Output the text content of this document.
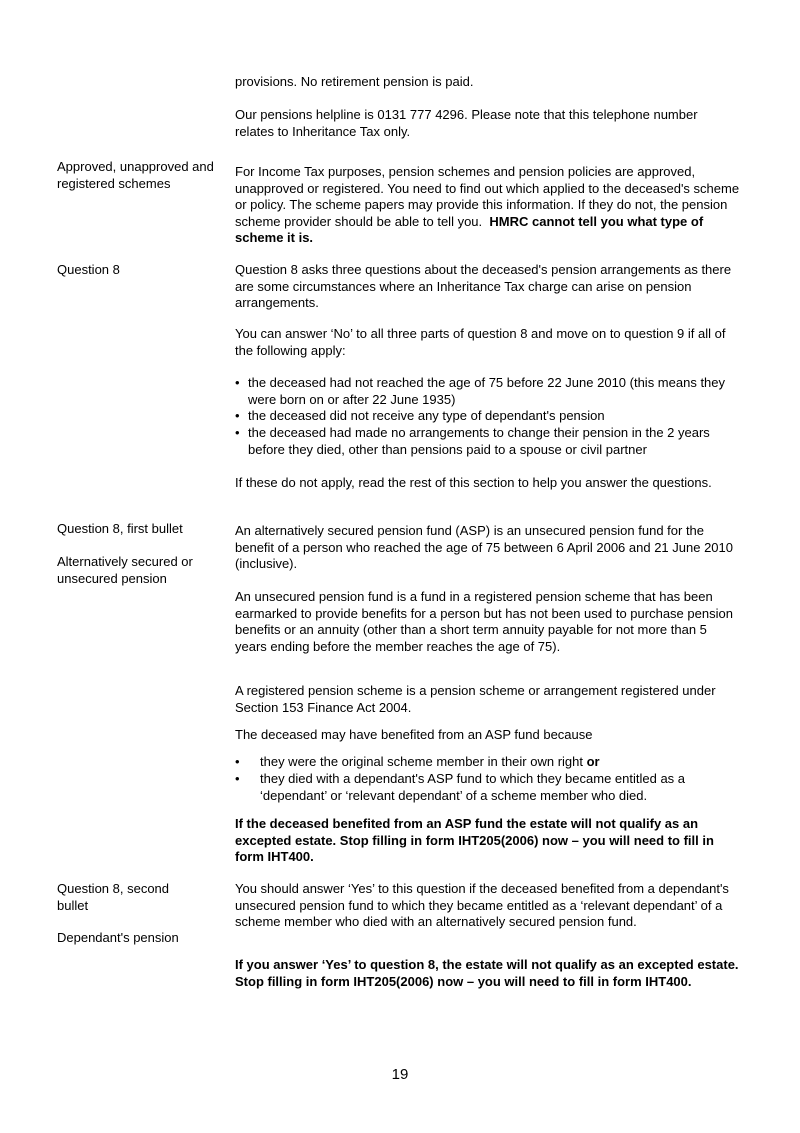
provisions. No retirement pension is paid.

Our pensions helpline is 0131 777 4296. Please note that this telephone number relates to Inheritance Tax only.

Approved, unapproved and registered schemes

For Income Tax purposes, pension schemes and pension policies are approved, unapproved or registered. You need to find out which applied to the deceased's scheme or policy. The scheme papers may provide this information. If they do not, the pension scheme provider should be able to tell you. HMRC cannot tell you what type of scheme it is.

Question 8	Question 8 asks three questions about the deceased's pension arrangements as there are some circumstances where an Inheritance Tax charge can arise on pension arrangements.

You can answer ‘No’ to all three parts of question 8 and move on to question 9 if all of the following apply:

• the deceased had not reached the age of 75 before 22 June 2010 (this means they were born on or after 22 June 1935)
• the deceased did not receive any type of dependant's pension
• the deceased had made no arrangements to change their pension in the 2 years before they died, other than pensions paid to a spouse or civil partner

If these do not apply, read the rest of this section to help you answer the questions.

Question 8, first bullet

Alternatively secured or unsecured pension

An alternatively secured pension fund (ASP) is an unsecured pension fund for the benefit of a person who reached the age of 75 between 6 April 2006 and 21 June 2010 (inclusive).

An unsecured pension fund is a fund in a registered pension scheme that has been earmarked to provide benefits for a person but has not been used to purchase pension benefits or an annuity (other than a short term annuity payable for not more than 5 years ending before the member reaches the age of 75).

A registered pension scheme is a pension scheme or arrangement registered under Section 153 Finance Act 2004.

The deceased may have benefited from an ASP fund because

•	they were the original scheme member in their own right or
•	they died with a dependant's ASP fund to which they became entitled as a ‘dependant’ or ‘relevant dependant’ of a scheme member who died.

If the deceased benefited from an ASP fund the estate will not qualify as an excepted estate. Stop filling in form IHT205(2006) now – you will need to fill in form IHT400.

Question 8, second bullet

Dependant's pension

You should answer ‘Yes’ to this question if the deceased benefited from a dependant's unsecured pension fund to which they became entitled as a ‘relevant dependant’ of a scheme member who died with an alternatively secured pension fund.

If you answer ‘Yes’ to question 8, the estate will not qualify as an excepted estate. Stop filling in form IHT205(2006) now – you will need to fill in form IHT400.

19
